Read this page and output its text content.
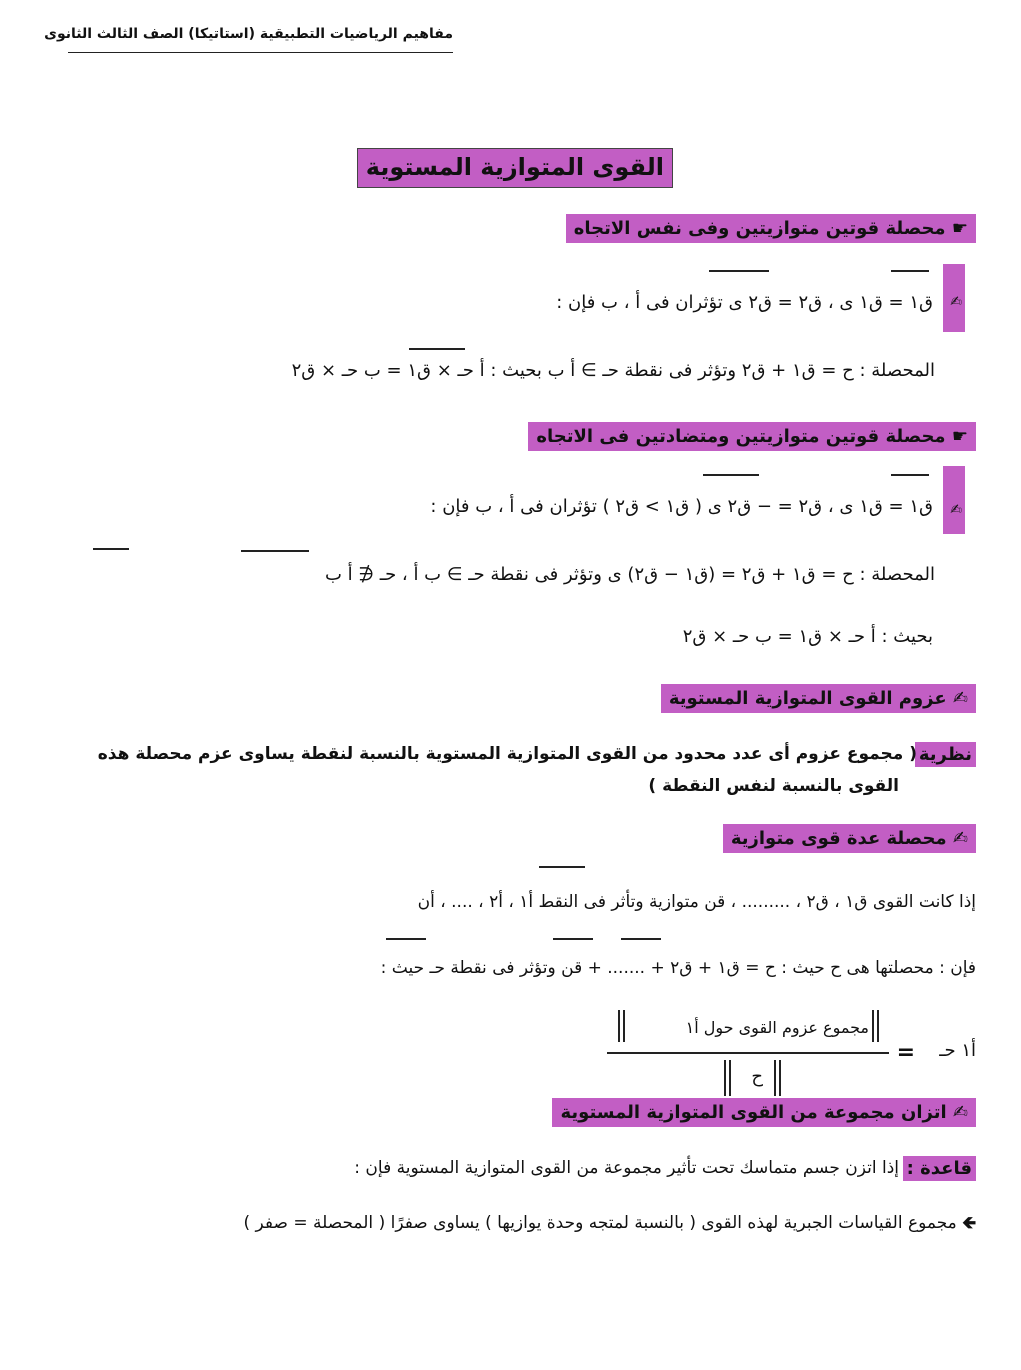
مفاهيم الرياضيات التطبيقية (استاتيكا) الصف الثالث الثانوى
القوى المتوازية المستوية
☛ محصلة قوتين متوازيتين وفى نفس الاتجاه
✍
ق١ = ق١ ى ، ق٢ = ق٢ ى تؤثران فى أ ، ب فإن :
المحصلة : ح = ق١ + ق٢ وتؤثر فى نقطة حـ ∋ أ ب بحيث : أ حـ × ق١ = ب حـ × ق٢
☛ محصلة قوتين متوازيتين ومتضادتين فى الاتجاه
✍
ق١ = ق١ ى ، ق٢ = − ق٢ ى ( ق١ > ق٢ ) تؤثران فى أ ، ب فإن :
المحصلة : ح = ق١ + ق٢ = (ق١ − ق٢) ى وتؤثر فى نقطة حـ ∋ ب أ ، حـ ∉ أ ب
بحيث : أ حـ × ق١ = ب حـ × ق٢
✍ عزوم القوى المتوازية المستوية
نظرية
( مجموع عزوم أى عدد محدود من القوى المتوازية المستوية بالنسبة لنقطة يساوى عزم محصلة هذه
القوى بالنسبة لنفس النقطة )
✍ محصلة عدة قوى متوازية
إذا كانت القوى ق١ ، ق٢ ، ......... ، قن متوازية وتأثر فى النقط أ١ ، أ٢ ، .... ، أن
فإن : محصلتها هى ح حيث : ح = ق١ + ق٢ + ....... + قن وتؤثر فى نقطة حـ حيث :
أ١ حـ
=
مجموع عزوم القوى حول أ١
ح
✍ اتزان مجموعة من القوى المتوازية المستوية
قاعدة :
إذا اتزن جسم متماسك تحت تأثير مجموعة من القوى المتوازية المستوية فإن :
🡸 مجموع القياسات الجبرية لهذه القوى ( بالنسبة لمتجه وحدة يوازيها ) يساوى صفرًا ( المحصلة = صفر )
